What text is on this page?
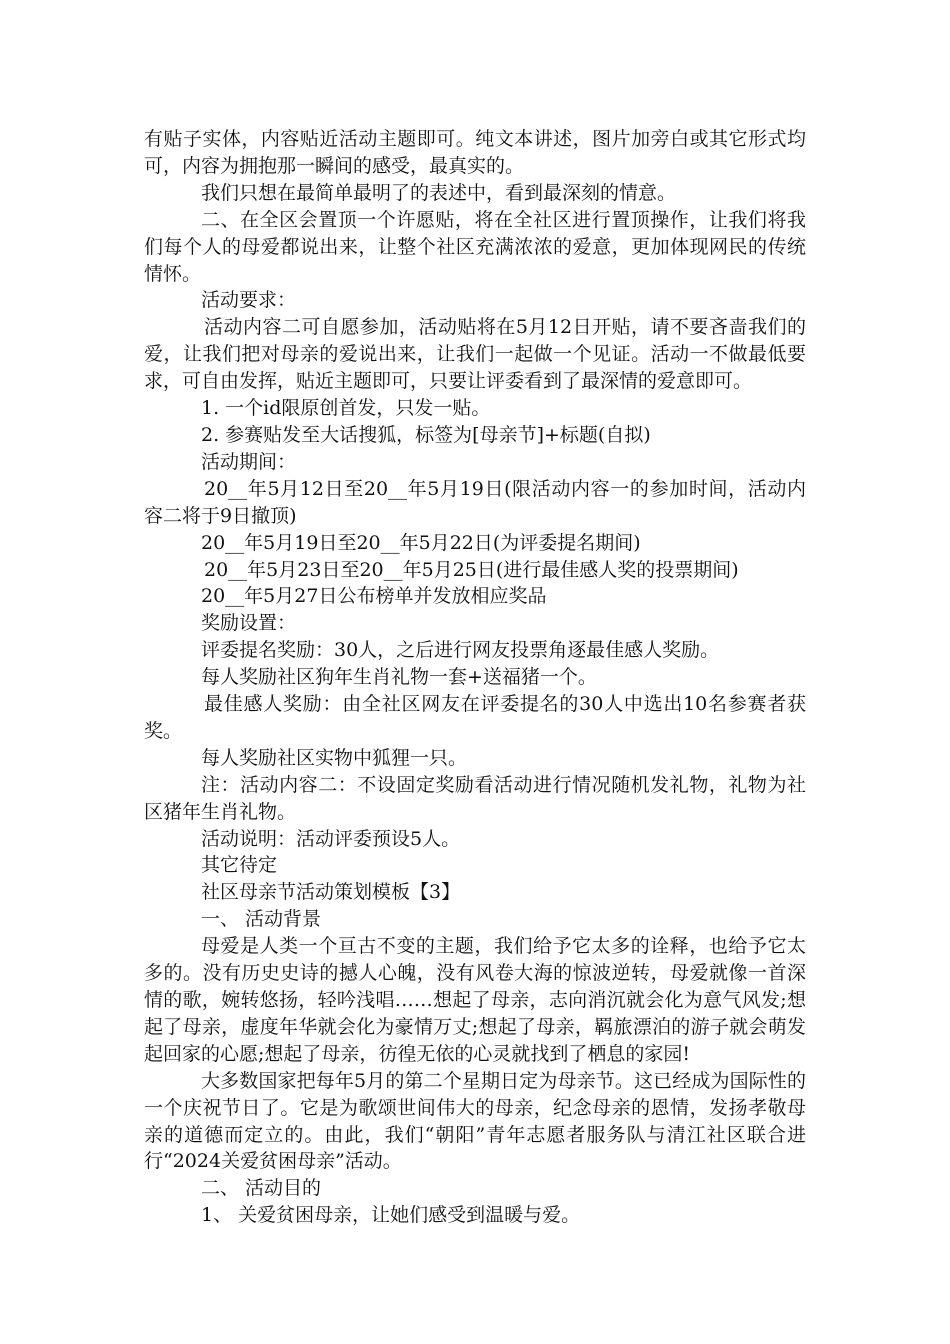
有贴子实体，内容贴近活动主题即可。纯文本讲述，图片加旁白或其它形式均可，内容为拥抱那一瞬间的感受，最真实的。

我们只想在最简单最明了的表述中，看到最深刻的情意。

二、在全区会置顶一个许愿贴，将在全社区进行置顶操作，让我们将我们每个人的母爱都说出来，让整个社区充满浓浓的爱意，更加体现网民的传统情怀。

活动要求：

活动内容二可自愿参加，活动贴将在5月12日开贴，请不要吝啬我们的爱，让我们把对母亲的爱说出来，让我们一起做一个见证。活动一不做最低要求，可自由发挥，贴近主题即可，只要让评委看到了最深情的爱意即可。

1. 一个id限原创首发，只发一贴。

2. 参赛贴发至大话搜狐，标签为[母亲节]+标题(自拟)

活动期间：

20__年5月12日至20__年5月19日(限活动内容一的参加时间，活动内容二将于9日撤顶)

20__年5月19日至20__年5月22日(为评委提名期间)

20__年5月23日至20__年5月25日(进行最佳感人奖的投票期间)

20__年5月27日公布榜单并发放相应奖品

奖励设置：

评委提名奖励：30人，之后进行网友投票角逐最佳感人奖励。

每人奖励社区狗年生肖礼物一套+送福猪一个。

最佳感人奖励：由全社区网友在评委提名的30人中选出10名参赛者获奖。

每人奖励社区实物中狐狸一只。

注：活动内容二：不设固定奖励看活动进行情况随机发礼物，礼物为社区猪年生肖礼物。

活动说明：活动评委预设5人。

其它待定

社区母亲节活动策划模板【3】

一、 活动背景

母爱是人类一个亘古不变的主题，我们给予它太多的诠释，也给予它太多的。没有历史史诗的撼人心魄，没有风卷大海的惊波逆转，母爱就像一首深情的歌，婉转悠扬，轻吟浅唱……想起了母亲，志向消沉就会化为意气风发;想起了母亲，虚度年华就会化为豪情万丈;想起了母亲，羁旅漂泊的游子就会萌发起回家的心愿;想起了母亲，彷徨无依的心灵就找到了栖息的家园!

大多数国家把每年5月的第二个星期日定为母亲节。这已经成为国际性的一个庆祝节日了。它是为歌颂世间伟大的母亲，纪念母亲的恩情，发扬孝敬母亲的道德而定立的。由此，我们“朝阳”青年志愿者服务队与清江社区联合进行“2024关爱贫困母亲”活动。

二、 活动目的

1、 关爱贫困母亲，让她们感受到温暖与爱。
